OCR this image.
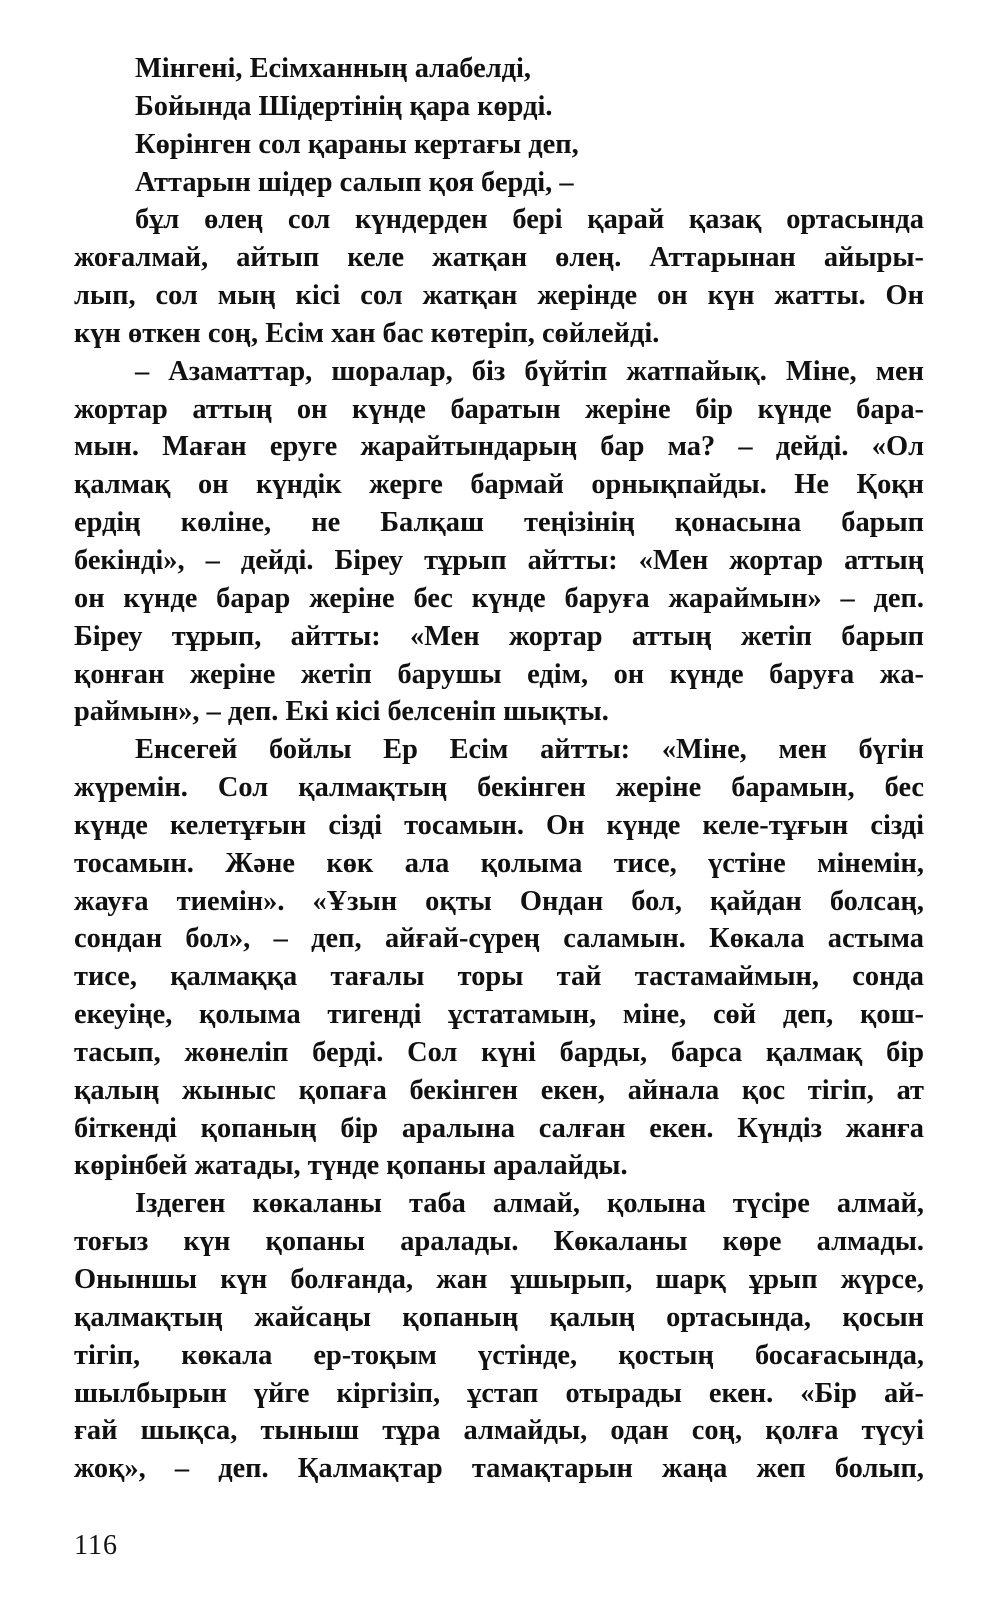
Мінгені, Есімханның алабелді,
Бойында Шідертінің қара көрді.
Көрінген сол қараны кертағы деп,
Аттарын шідер салып қоя берді, –
бұл өлең сол күндерден бері қарай қазақ ортасында
жоғалмай, айтып келе жатқан өлең. Аттарынан айыры-
лып, сол мың кісі сол жатқан жерінде он күн жатты. Он
күн өткен соң, Есім хан бас көтеріп, сөйлейді.
– Азаматтар, шоралар, біз бүйтіп жатпайық. Міне, мен
жортар аттың он күнде баратын жеріне бір күнде бара-
мын. Маған еруге жарайтындарың бар ма? – дейді. «Ол
қалмақ он күндік жерге бармай орнықпайды. Не Қоқн
ердің көліне, не Балқаш теңізінің қонасына барып
бекінді», – дейді. Біреу тұрып айтты: «Мен жортар аттың
он күнде барар жеріне бес күнде баруға жараймын» – деп.
Біреу тұрып, айтты: «Мен жортар аттың жетіп барып
қонған жеріне жетіп барушы едім, он күнде баруға жа-
раймын», – деп. Екі кісі белсеніп шықты.
Енсегей бойлы Ер Есім айтты: «Міне, мен бүгін
жүремін. Сол қалмақтың бекінген жеріне барамын, бес
күнде келетұғын сізді тосамын. Он күнде келе-тұғын сізді
тосамын. Және көк ала қолыма тисе, үстіне мінемін,
жауға тиемін». «Ұзын оқты Ондан бол, қайдан болсаң,
сондан бол», – деп, айғай-сүрең саламын. Көкала астыма
тисе, қалмаққа тағалы торы тай тастамаймын, сонда
екеуіңе, қолыма тигенді ұстатамын, міне, сөй деп, қош-
тасып, жөнеліп берді. Сол күні барды, барса қалмақ бір
қалың жыныс қопаға бекінген екен, айнала қос тігіп, ат
біткенді қопаның бір аралына салған екен. Күндіз жанға
көрінбей жатады, түнде қопаны аралайды.
Іздеген көкаланы таба алмай, қолына түсіре алмай,
тоғыз күн қопаны аралады. Көкаланы көре алмады.
Оныншы күн болғанда, жан ұшырып, шарқ ұрып жүрсе,
қалмақтың жайсаңы қопаның қалың ортасында, қосын
тігіп, көкала ер-тоқым үстінде, қостың босағасында,
шылбырын үйге кіргізіп, ұстап отырады екен. «Бір ай-
ғай шықса, тыныш тұра алмайды, одан соң, қолға түсуі
жоқ», – деп. Қалмақтар тамақтарын жаңа жеп болып,
116
